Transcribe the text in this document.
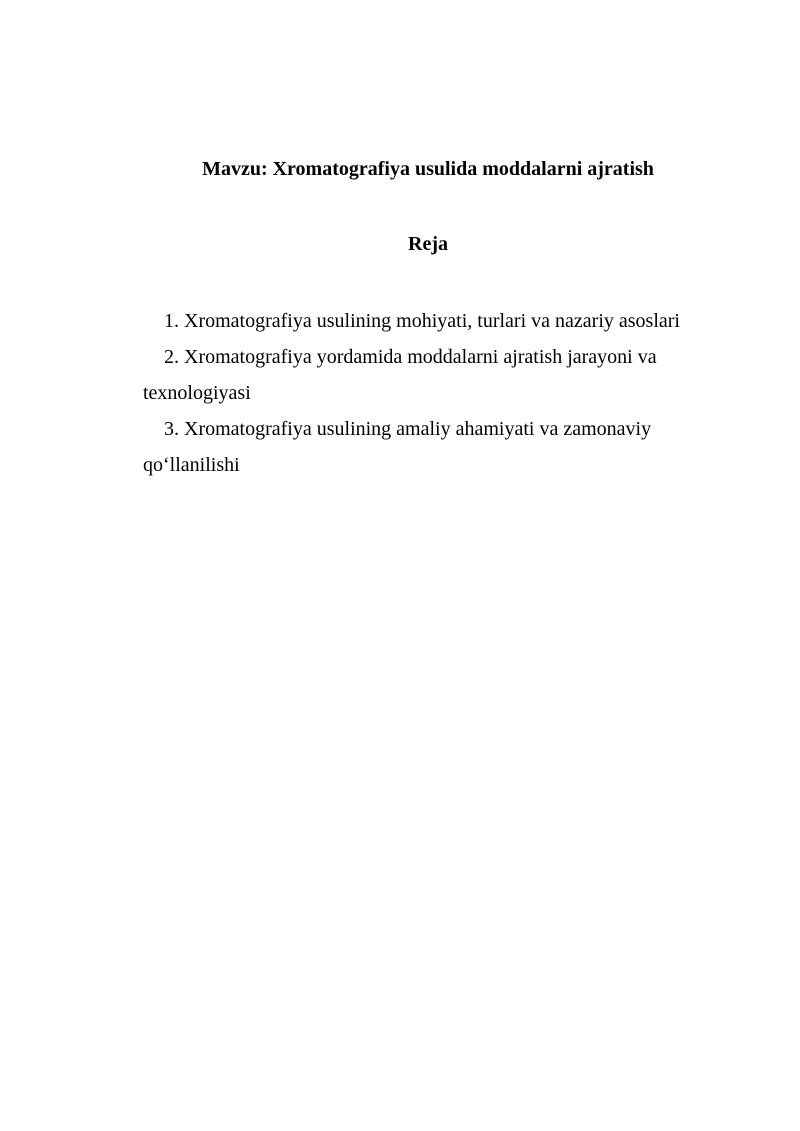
Mavzu: Xromatografiya usulida moddalarni ajratish
Reja
1. Xromatografiya usulining mohiyati, turlari va nazariy asoslari
2. Xromatografiya yordamida moddalarni ajratish jarayoni va texnologiyasi
3. Xromatografiya usulining amaliy ahamiyati va zamonaviy qo‘llanilishi
